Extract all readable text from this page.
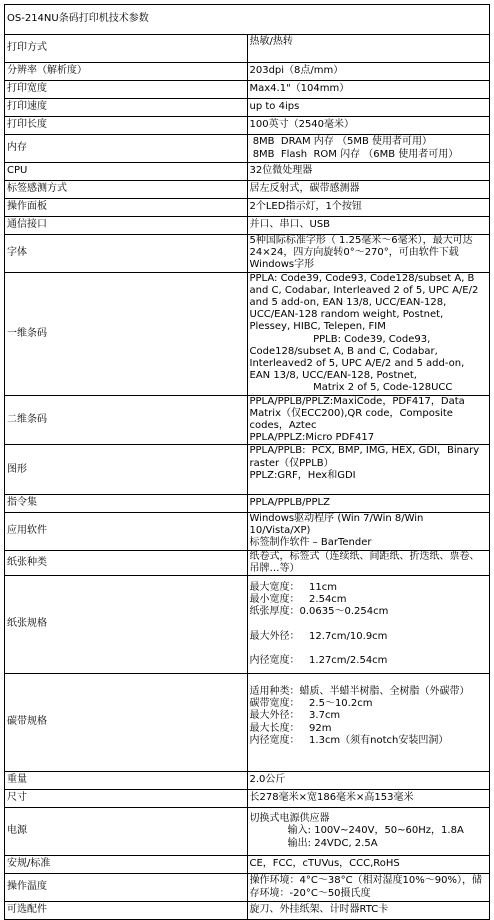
OS-214NU条码打印机技术参数	
打印方式	热敏/热转

分辨率（解析度）	203dpi（8点/mm）

打印宽度	Max4.1"（104mm）

打印速度	up to 4ips

打印长度	100英寸（2540毫米）

内存	8MB  DRAM 内存 （5MB 使用者可用）
8MB  Flash  ROM 闪存 （6MB 使用者可用）

CPU	32位微处理器

标签感测方式	居左反射式，碳带感测器

操作面板	2个LED指示灯，1个按钮

通信接口	并口、串口、USB

字体	5种国际标准字形（ 1.25毫米～6毫米），最大可达24×24，四方向旋转0°～270°，可由软件下载Windows字形

一维条码	PPLA: Code39, Code93, Code128/subset A, B and C, Codabar, Interleaved 2 of 5, UPC A/E/2 and 5 add-on, EAN 13/8, UCC/EAN-128, UCC/EAN-128 random weight, Postnet, Plessey, HIBC, Telepen, FIM
PPLB: Code39, Code93, Code128/subset A, B and C, Codabar, Interleaved2 of 5, UPC A/E/2 and 5 add-on, EAN 13/8, UCC/EAN-128, Postnet,
Matrix 2 of 5, Code-128UCC

二维条码	PPLA/PPLB/PPLZ:MaxiCode，PDF417，Data  Matrix（仅ECC200),QR code，Composite codes，Aztec
PPLA/PPLZ:Micro PDF417

图形	PPLA/PPLB:  PCX, BMP, IMG, HEX, GDI，Binary raster（仅PPLB）
PPLZ:GRF，Hex和GDI

指令集	PPLA/PPLB/PPLZ

应用软件	Windows驱动程序 (Win 7/Win 8/Win 10/Vista/XP)
标签制作软件 – BarTender

纸张种类	纸卷式，标签式（连续纸、间距纸、折迭纸、票卷、吊牌…等）

纸张规格	最大宽度：   11cm
最小宽度：   2.54cm
纸张厚度：0.0635～0.254cm
最大外径：   12.7cm/10.9cm
内径宽度：   1.27cm/2.54cm

碳带规格	适用种类：蜡质、半蜡半树脂、全树脂（外碳带）
碳带宽度：   2.5～10.2cm
最大外径：   3.7cm
最大长度：   92m
内径宽度：   1.3cm（须有notch安装凹洞）

重量	2.0公斤

尺寸	长278毫米×宽186毫米×高153毫米

电源	切换式电源供应器
输入: 100V~240V，50~60Hz，1.8A
输出: 24VDC, 2.5A

安规/标准	CE，FCC，cTUVus，CCC,RoHS

操作温度	操作环境：4°C～38°C（相对湿度10%～90%），储存环境：-20°C～50摄氏度

可选配件	旋刀、外挂纸架、计时器RTC卡
